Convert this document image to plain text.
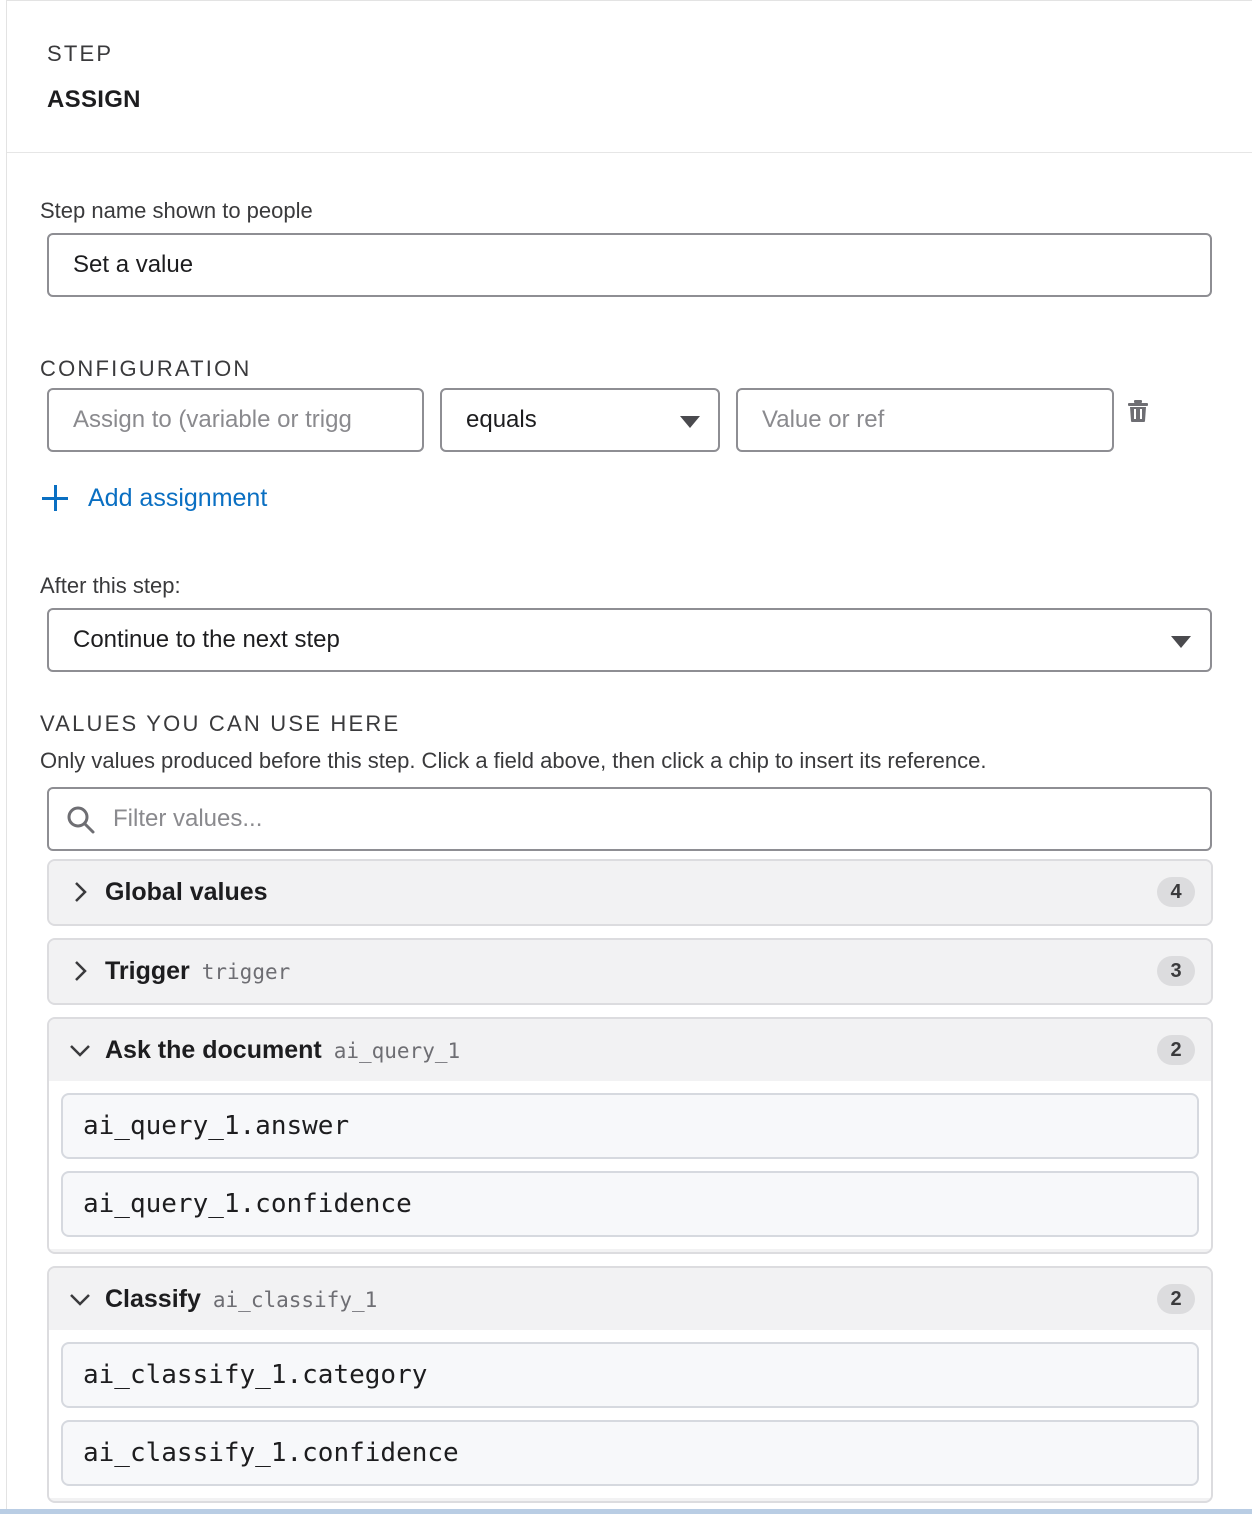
STEP
ASSIGN
Step name shown to people
Set a value
CONFIGURATION
Assign to (variable or trigg	equals	Value or ref
Add assignment
After this step:
Continue to the next step
VALUES YOU CAN USE HERE
Only values produced before this step. Click a field above, then click a chip to insert its reference.
Filter values...
Global values	4
Trigger trigger	3
Ask the document ai_query_1	2
ai_query_1.answer
ai_query_1.confidence
Classify ai_classify_1	2
ai_classify_1.category
ai_classify_1.confidence
